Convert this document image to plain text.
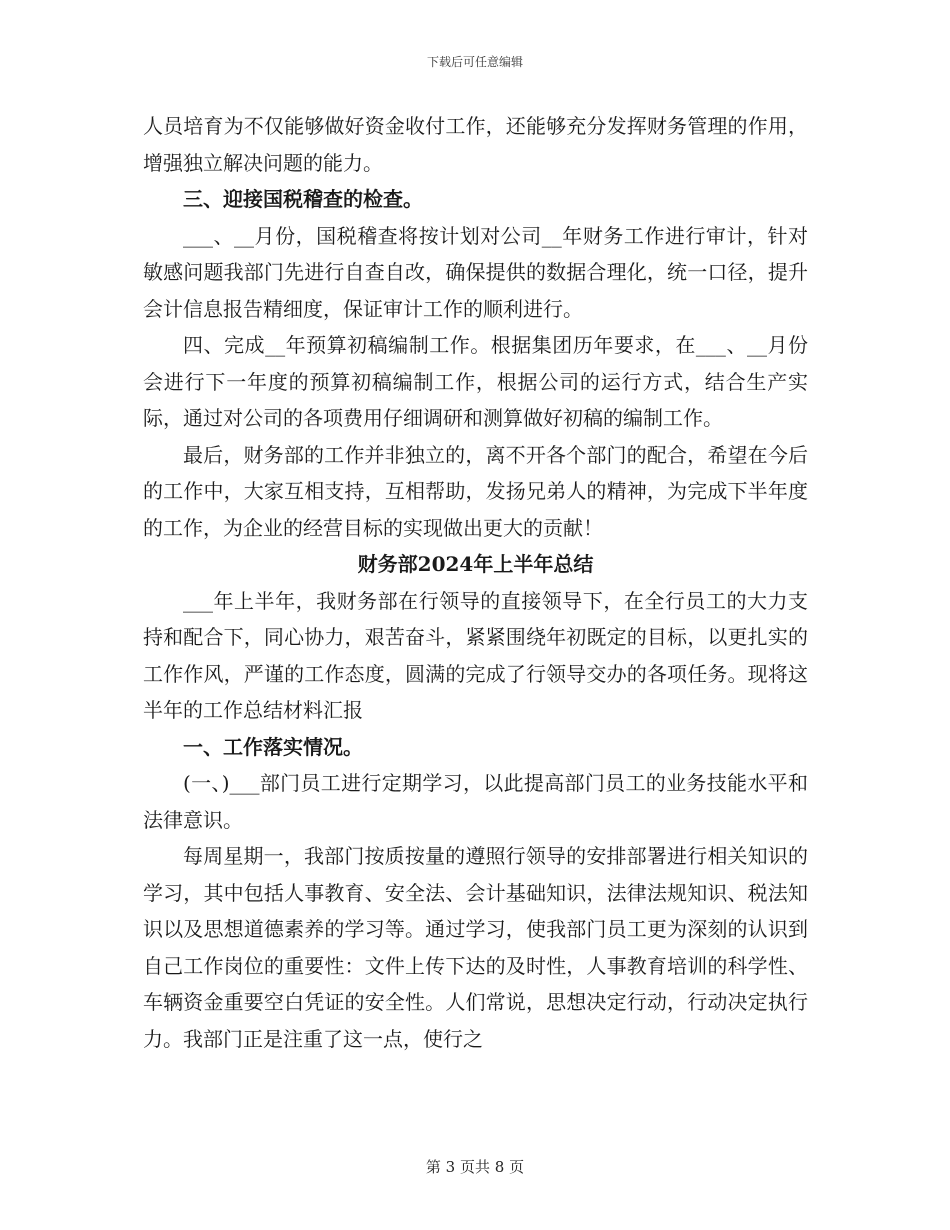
下载后可任意编辑

人员培育为不仅能够做好资金收付工作，还能够充分发挥财务管理的作用，增强独立解决问题的能力。

三、迎接国税稽查的检查。

___、__月份，国税稽查将按计划对公司__年财务工作进行审计，针对敏感问题我部门先进行自查自改，确保提供的数据合理化，统一口径，提升会计信息报告精细度，保证审计工作的顺利进行。

四、完成__年预算初稿编制工作。根据集团历年要求，在___、__月份会进行下一年度的预算初稿编制工作，根据公司的运行方式，结合生产实际，通过对公司的各项费用仔细调研和测算做好初稿的编制工作。

最后，财务部的工作并非独立的，离不开各个部门的配合，希望在今后的工作中，大家互相支持，互相帮助，发扬兄弟人的精神，为完成下半年度的工作，为企业的经营目标的实现做出更大的贡献！

财务部2024年上半年总结

___年上半年，我财务部在行领导的直接领导下，在全行员工的大力支持和配合下，同心协力，艰苦奋斗，紧紧围绕年初既定的目标，以更扎实的工作作风，严谨的工作态度，圆满的完成了行领导交办的各项任务。现将这半年的工作总结材料汇报

一、工作落实情况。

(一、)___部门员工进行定期学习，以此提高部门员工的业务技能水平和法律意识。

每周星期一，我部门按质按量的遵照行领导的安排部署进行相关知识的学习，其中包括人事教育、安全法、会计基础知识，法律法规知识、税法知识以及思想道德素养的学习等。通过学习，使我部门员工更为深刻的认识到自己工作岗位的重要性：文件上传下达的及时性，人事教育培训的科学性、车辆资金重要空白凭证的安全性。人们常说，思想决定行动，行动决定执行力。我部门正是注重了这一点，使行之

第 3 页共 8 页
